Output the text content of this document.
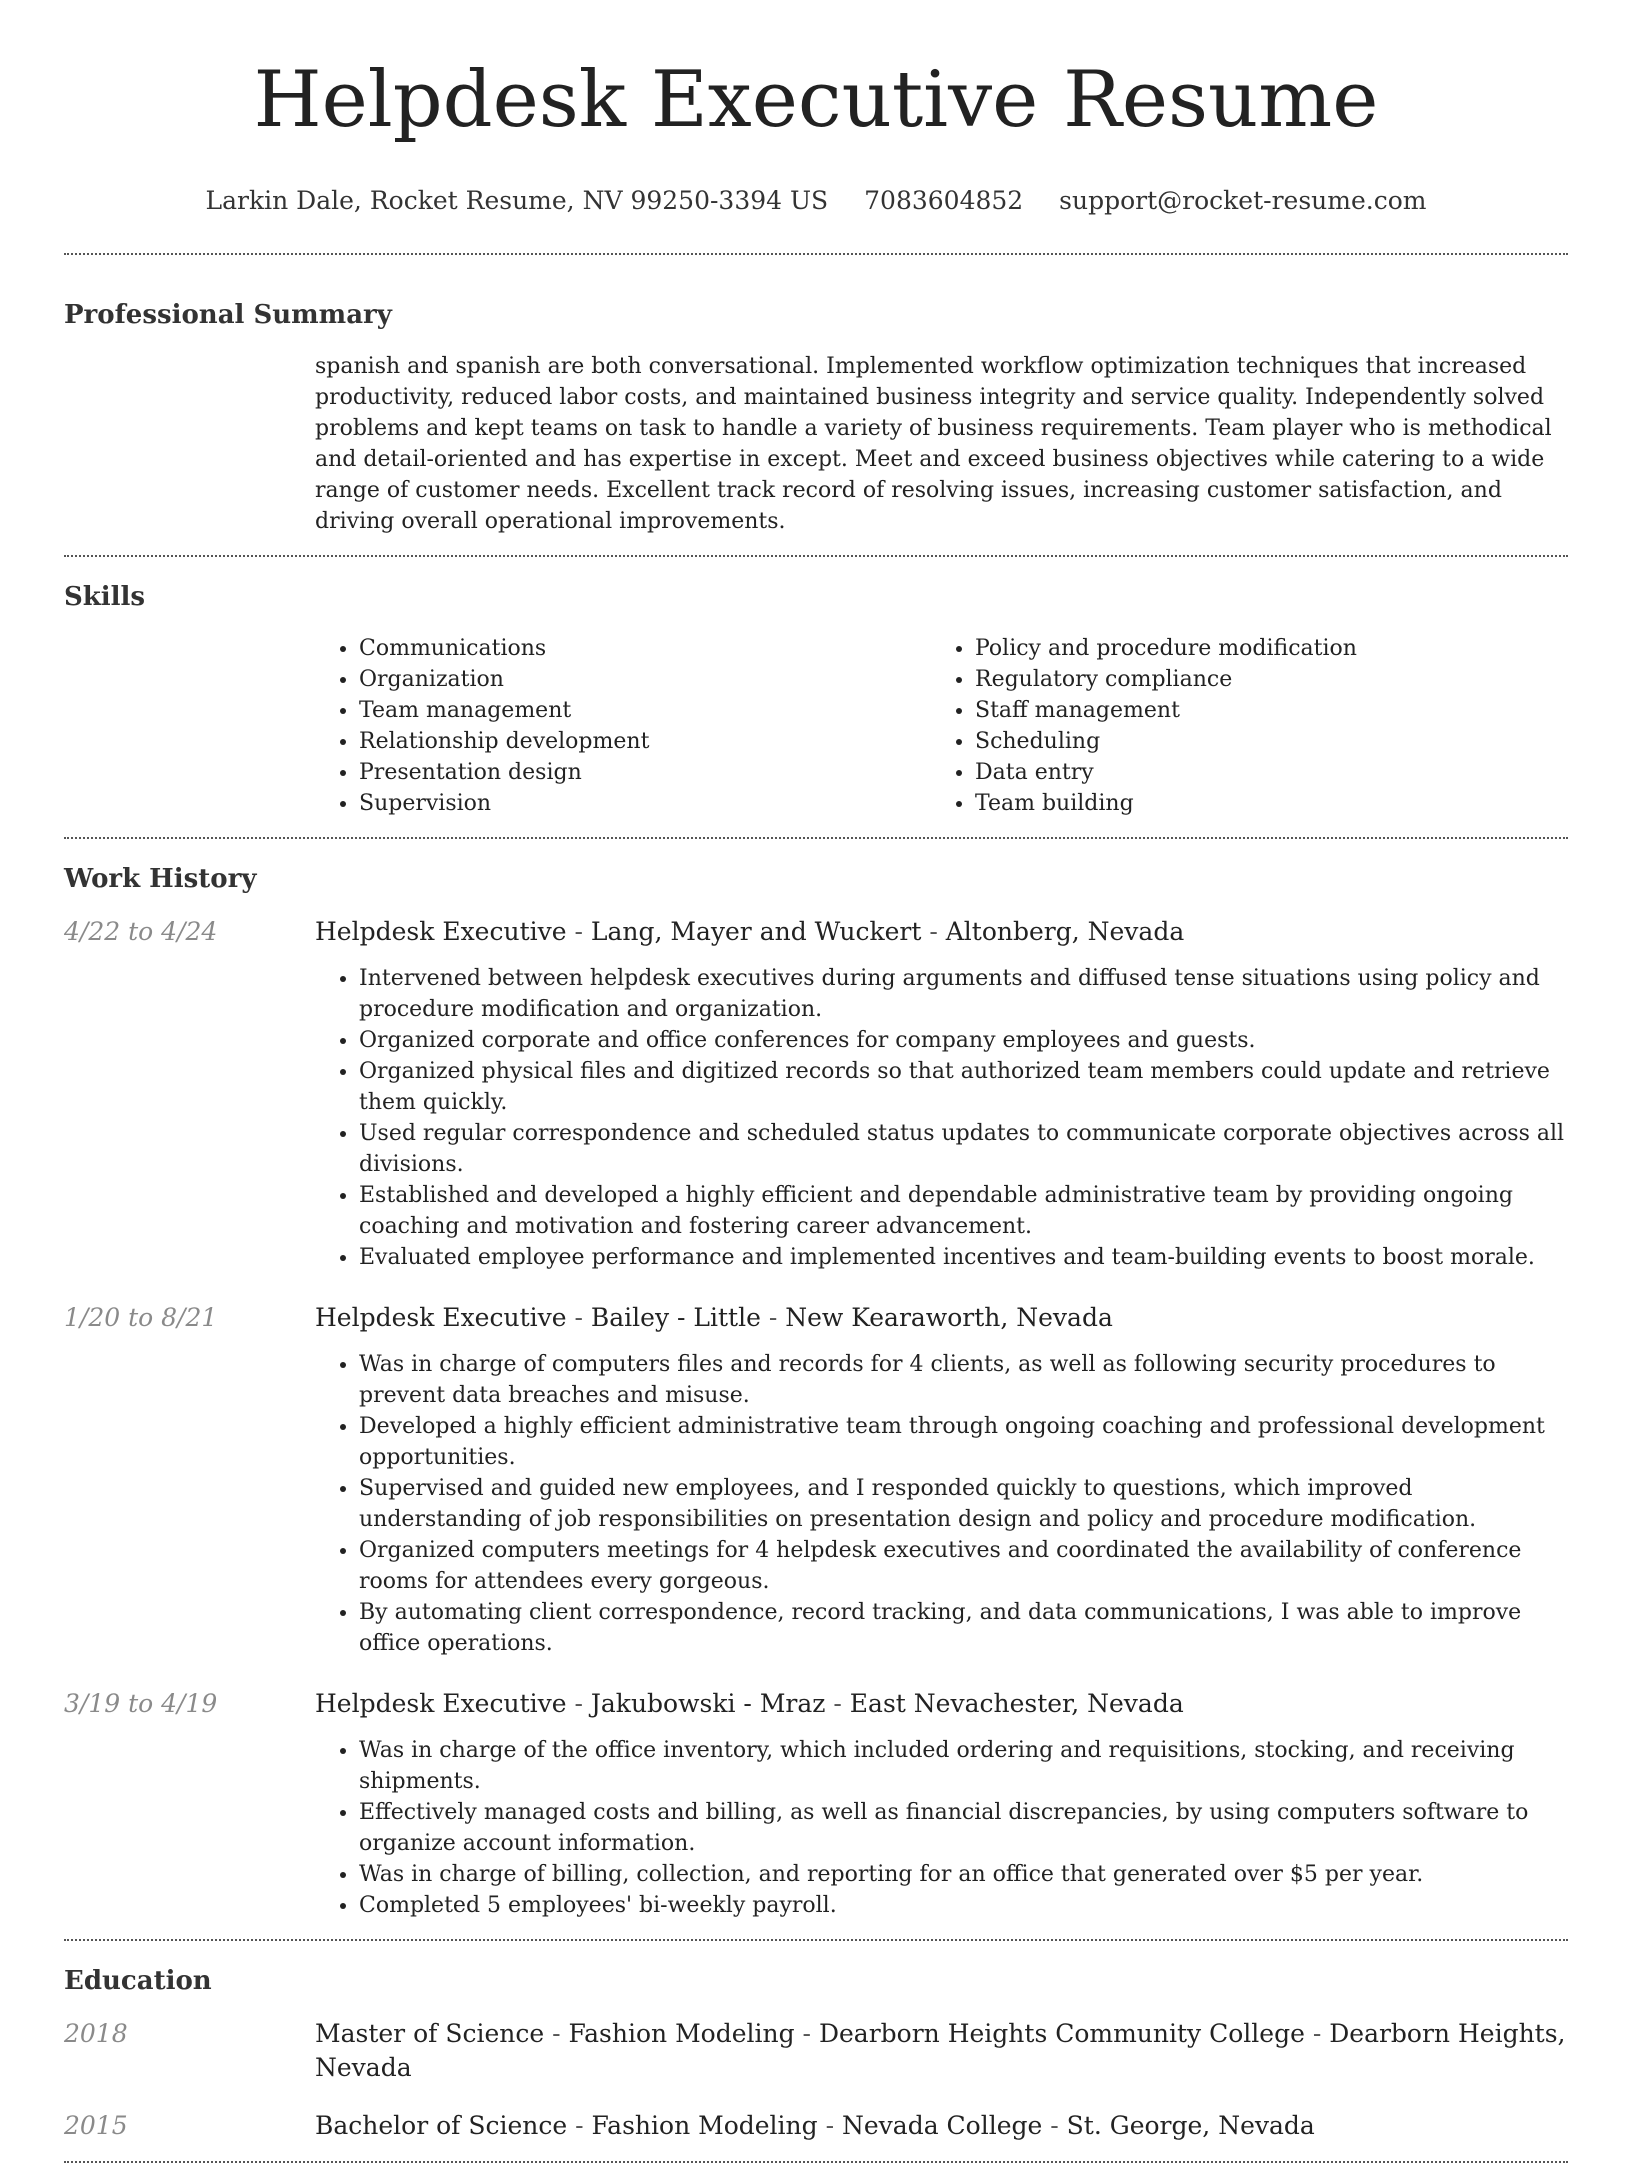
Helpdesk Executive Resume
Larkin Dale, Rocket Resume, NV 99250-3394 US 7083604852 support@rocket-resume.com
Professional Summary
spanish and spanish are both conversational. Implemented workflow optimization techniques that increased productivity, reduced labor costs, and maintained business integrity and service quality. Independently solved problems and kept teams on task to handle a variety of business requirements. Team player who is methodical and detail-oriented and has expertise in except. Meet and exceed business objectives while catering to a wide range of customer needs. Excellent track record of resolving issues, increasing customer satisfaction, and driving overall operational improvements.
Skills
• Communications
• Organization
• Team management
• Relationship development
• Presentation design
• Supervision
• Policy and procedure modification
• Regulatory compliance
• Staff management
• Scheduling
• Data entry
• Team building
Work History
4/22 to 4/24	Helpdesk Executive - Lang, Mayer and Wuckert - Altonberg, Nevada
• Intervened between helpdesk executives during arguments and diffused tense situations using policy and procedure modification and organization.
• Organized corporate and office conferences for company employees and guests.
• Organized physical files and digitized records so that authorized team members could update and retrieve them quickly.
• Used regular correspondence and scheduled status updates to communicate corporate objectives across all divisions.
• Established and developed a highly efficient and dependable administrative team by providing ongoing coaching and motivation and fostering career advancement.
• Evaluated employee performance and implemented incentives and team-building events to boost morale.
1/20 to 8/21	Helpdesk Executive - Bailey - Little - New Kearaworth, Nevada
• Was in charge of computers files and records for 4 clients, as well as following security procedures to prevent data breaches and misuse.
• Developed a highly efficient administrative team through ongoing coaching and professional development opportunities.
• Supervised and guided new employees, and I responded quickly to questions, which improved understanding of job responsibilities on presentation design and policy and procedure modification.
• Organized computers meetings for 4 helpdesk executives and coordinated the availability of conference rooms for attendees every gorgeous.
• By automating client correspondence, record tracking, and data communications, I was able to improve office operations.
3/19 to 4/19	Helpdesk Executive - Jakubowski - Mraz - East Nevachester, Nevada
• Was in charge of the office inventory, which included ordering and requisitions, stocking, and receiving shipments.
• Effectively managed costs and billing, as well as financial discrepancies, by using computers software to organize account information.
• Was in charge of billing, collection, and reporting for an office that generated over $5 per year.
• Completed 5 employees' bi-weekly payroll.
Education
2018	Master of Science - Fashion Modeling - Dearborn Heights Community College - Dearborn Heights, Nevada
2015	Bachelor of Science - Fashion Modeling - Nevada College - St. George, Nevada
